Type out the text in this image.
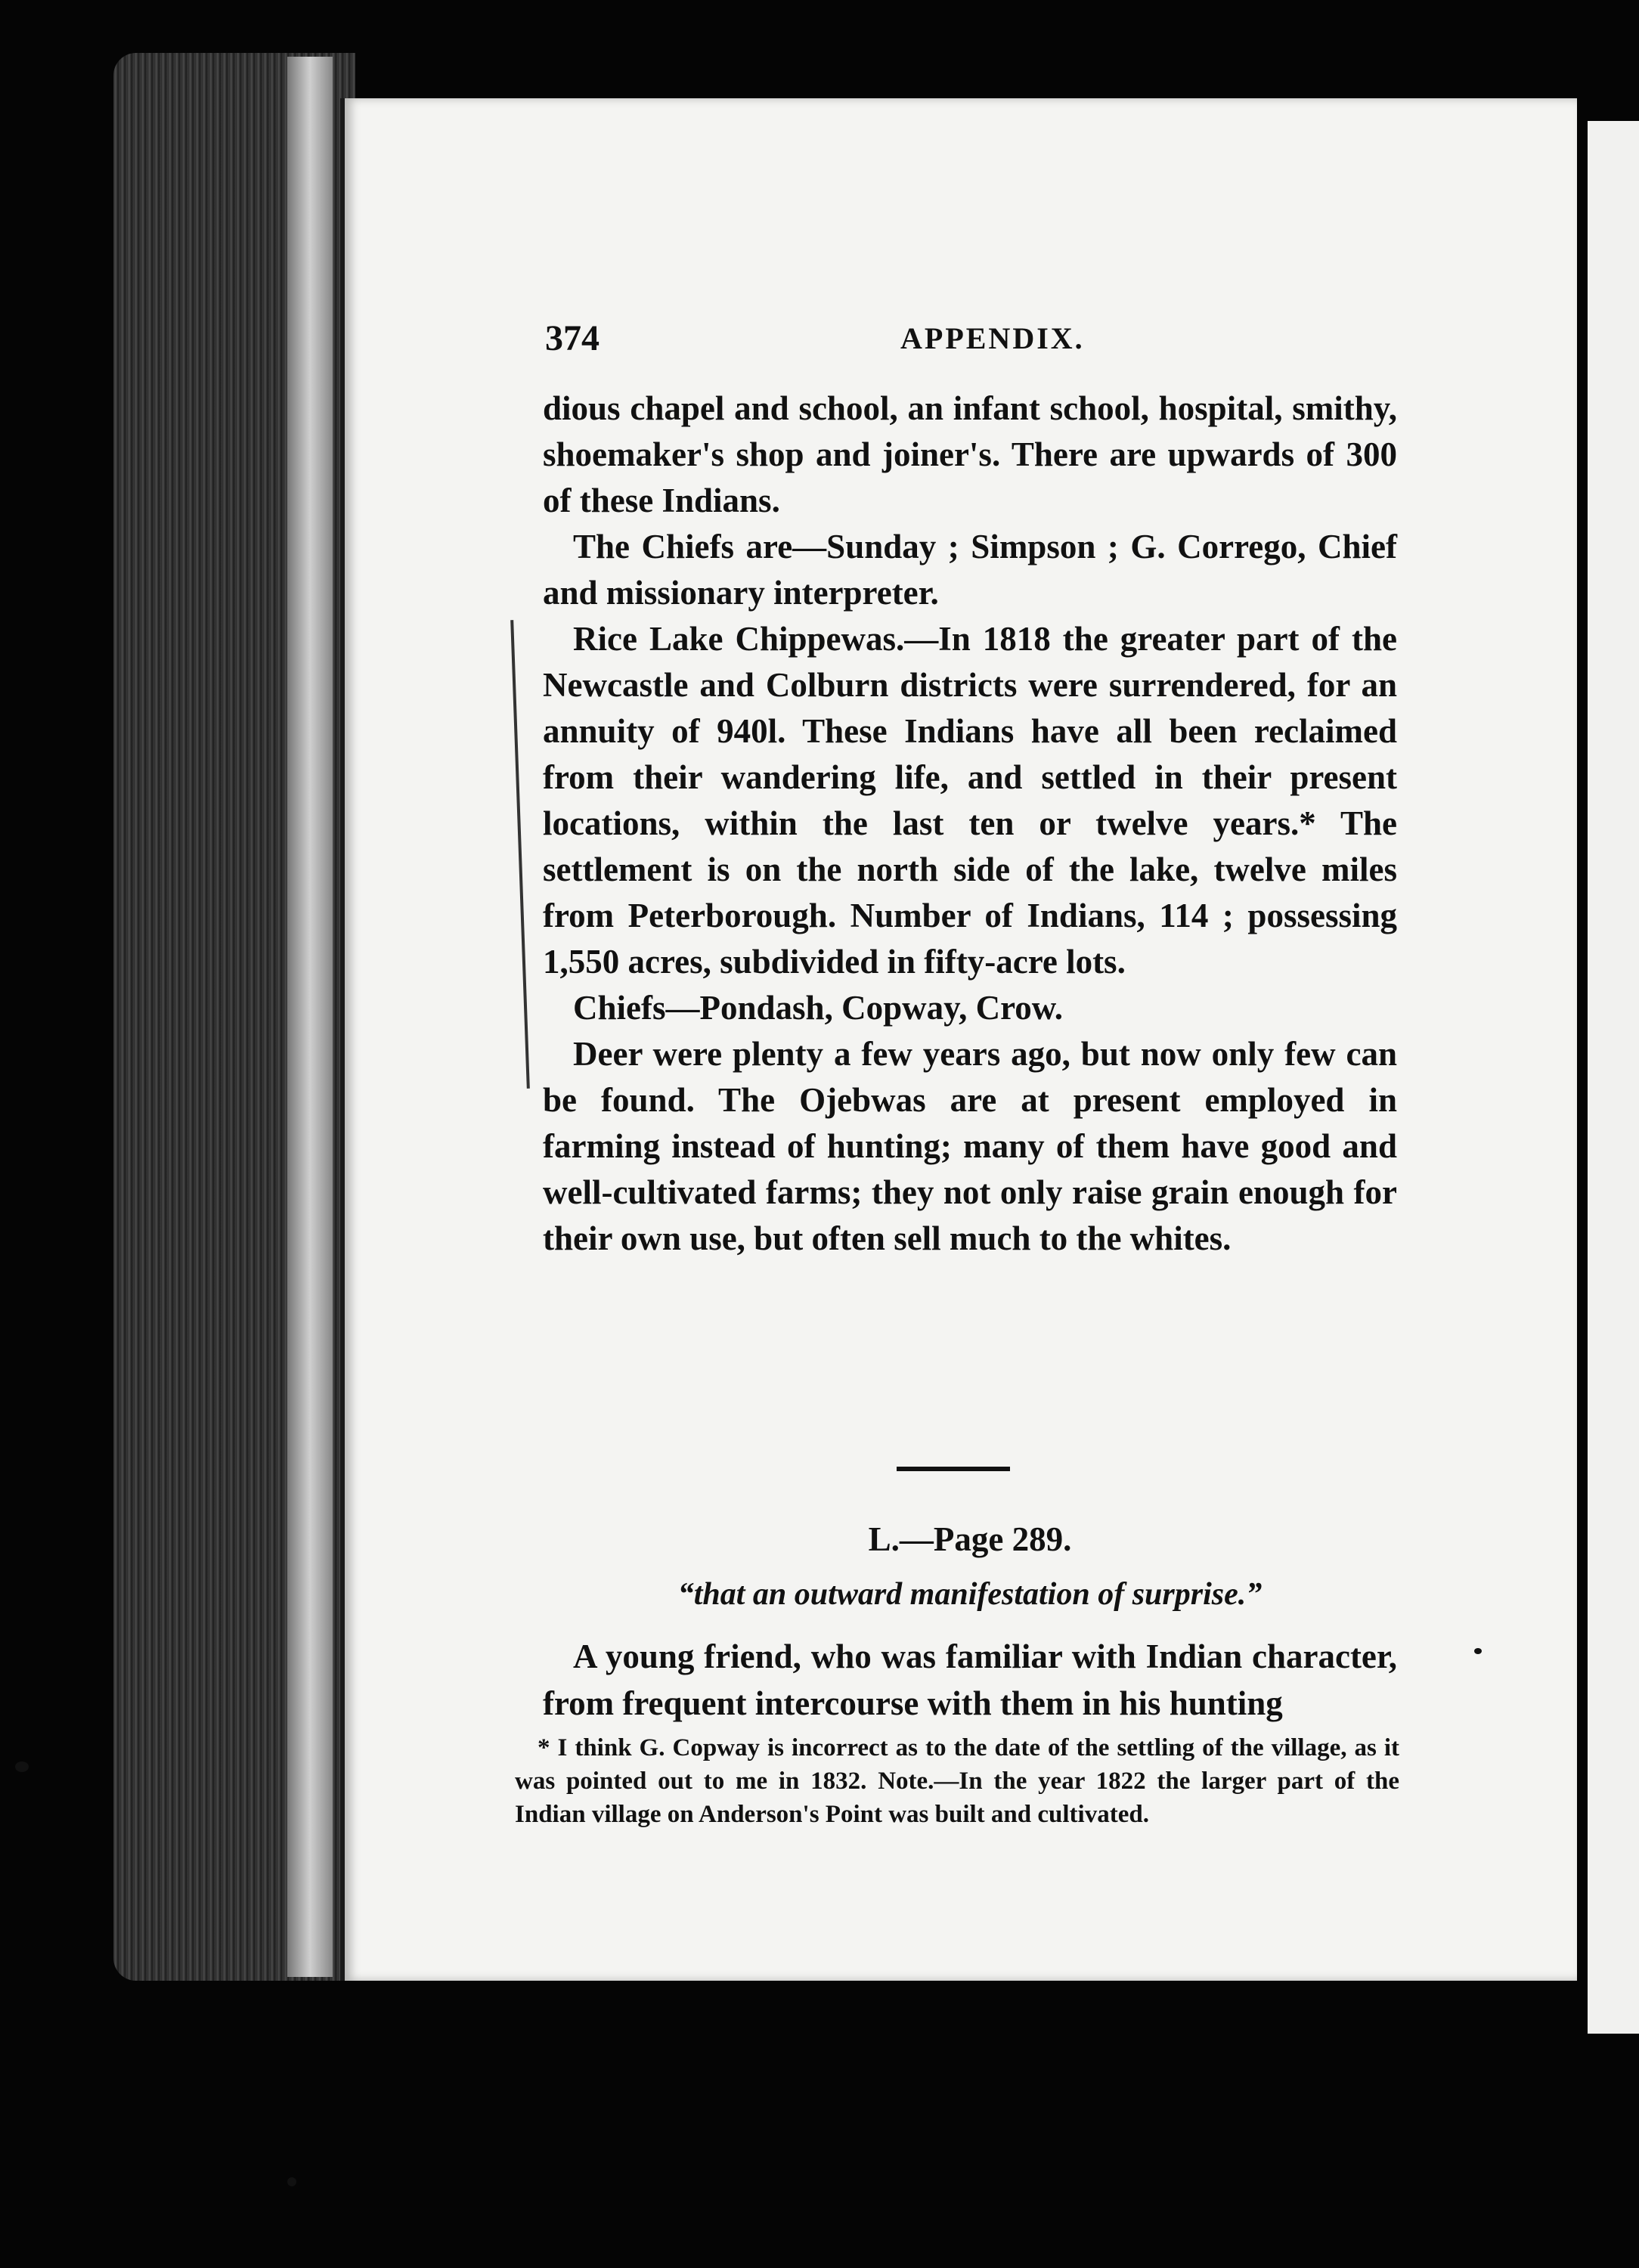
374	APPENDIX.

dious chapel and school, an infant school, hospital, smithy, shoemaker's shop and joiner's. There are upwards of 300 of these Indians.

The Chiefs are—Sunday ; Simpson ; G. Corrego, Chief and missionary interpreter.

Rice Lake Chippewas.—In 1818 the greater part of the Newcastle and Colburn districts were surrendered, for an annuity of 940l. These Indians have all been reclaimed from their wandering life, and settled in their present locations, within the last ten or twelve years.* The settlement is on the north side of the lake, twelve miles from Peterborough. Number of Indians, 114 ; possessing 1,550 acres, subdivided in fifty-acre lots.

Chiefs—Pondash, Copway, Crow.

Deer were plenty a few years ago, but now only few can be found. The Ojebwas are at present employed in farming instead of hunting; many of them have good and well-cultivated farms; they not only raise grain enough for their own use, but often sell much to the whites.

L.—Page 289.
“that an outward manifestation of surprise.”

A young friend, who was familiar with Indian character, from frequent intercourse with them in his hunting

* I think G. Copway is incorrect as to the date of the settling of the village, as it was pointed out to me in 1832. Note.—In the year 1822 the larger part of the Indian village on Anderson's Point was built and cultivated.
